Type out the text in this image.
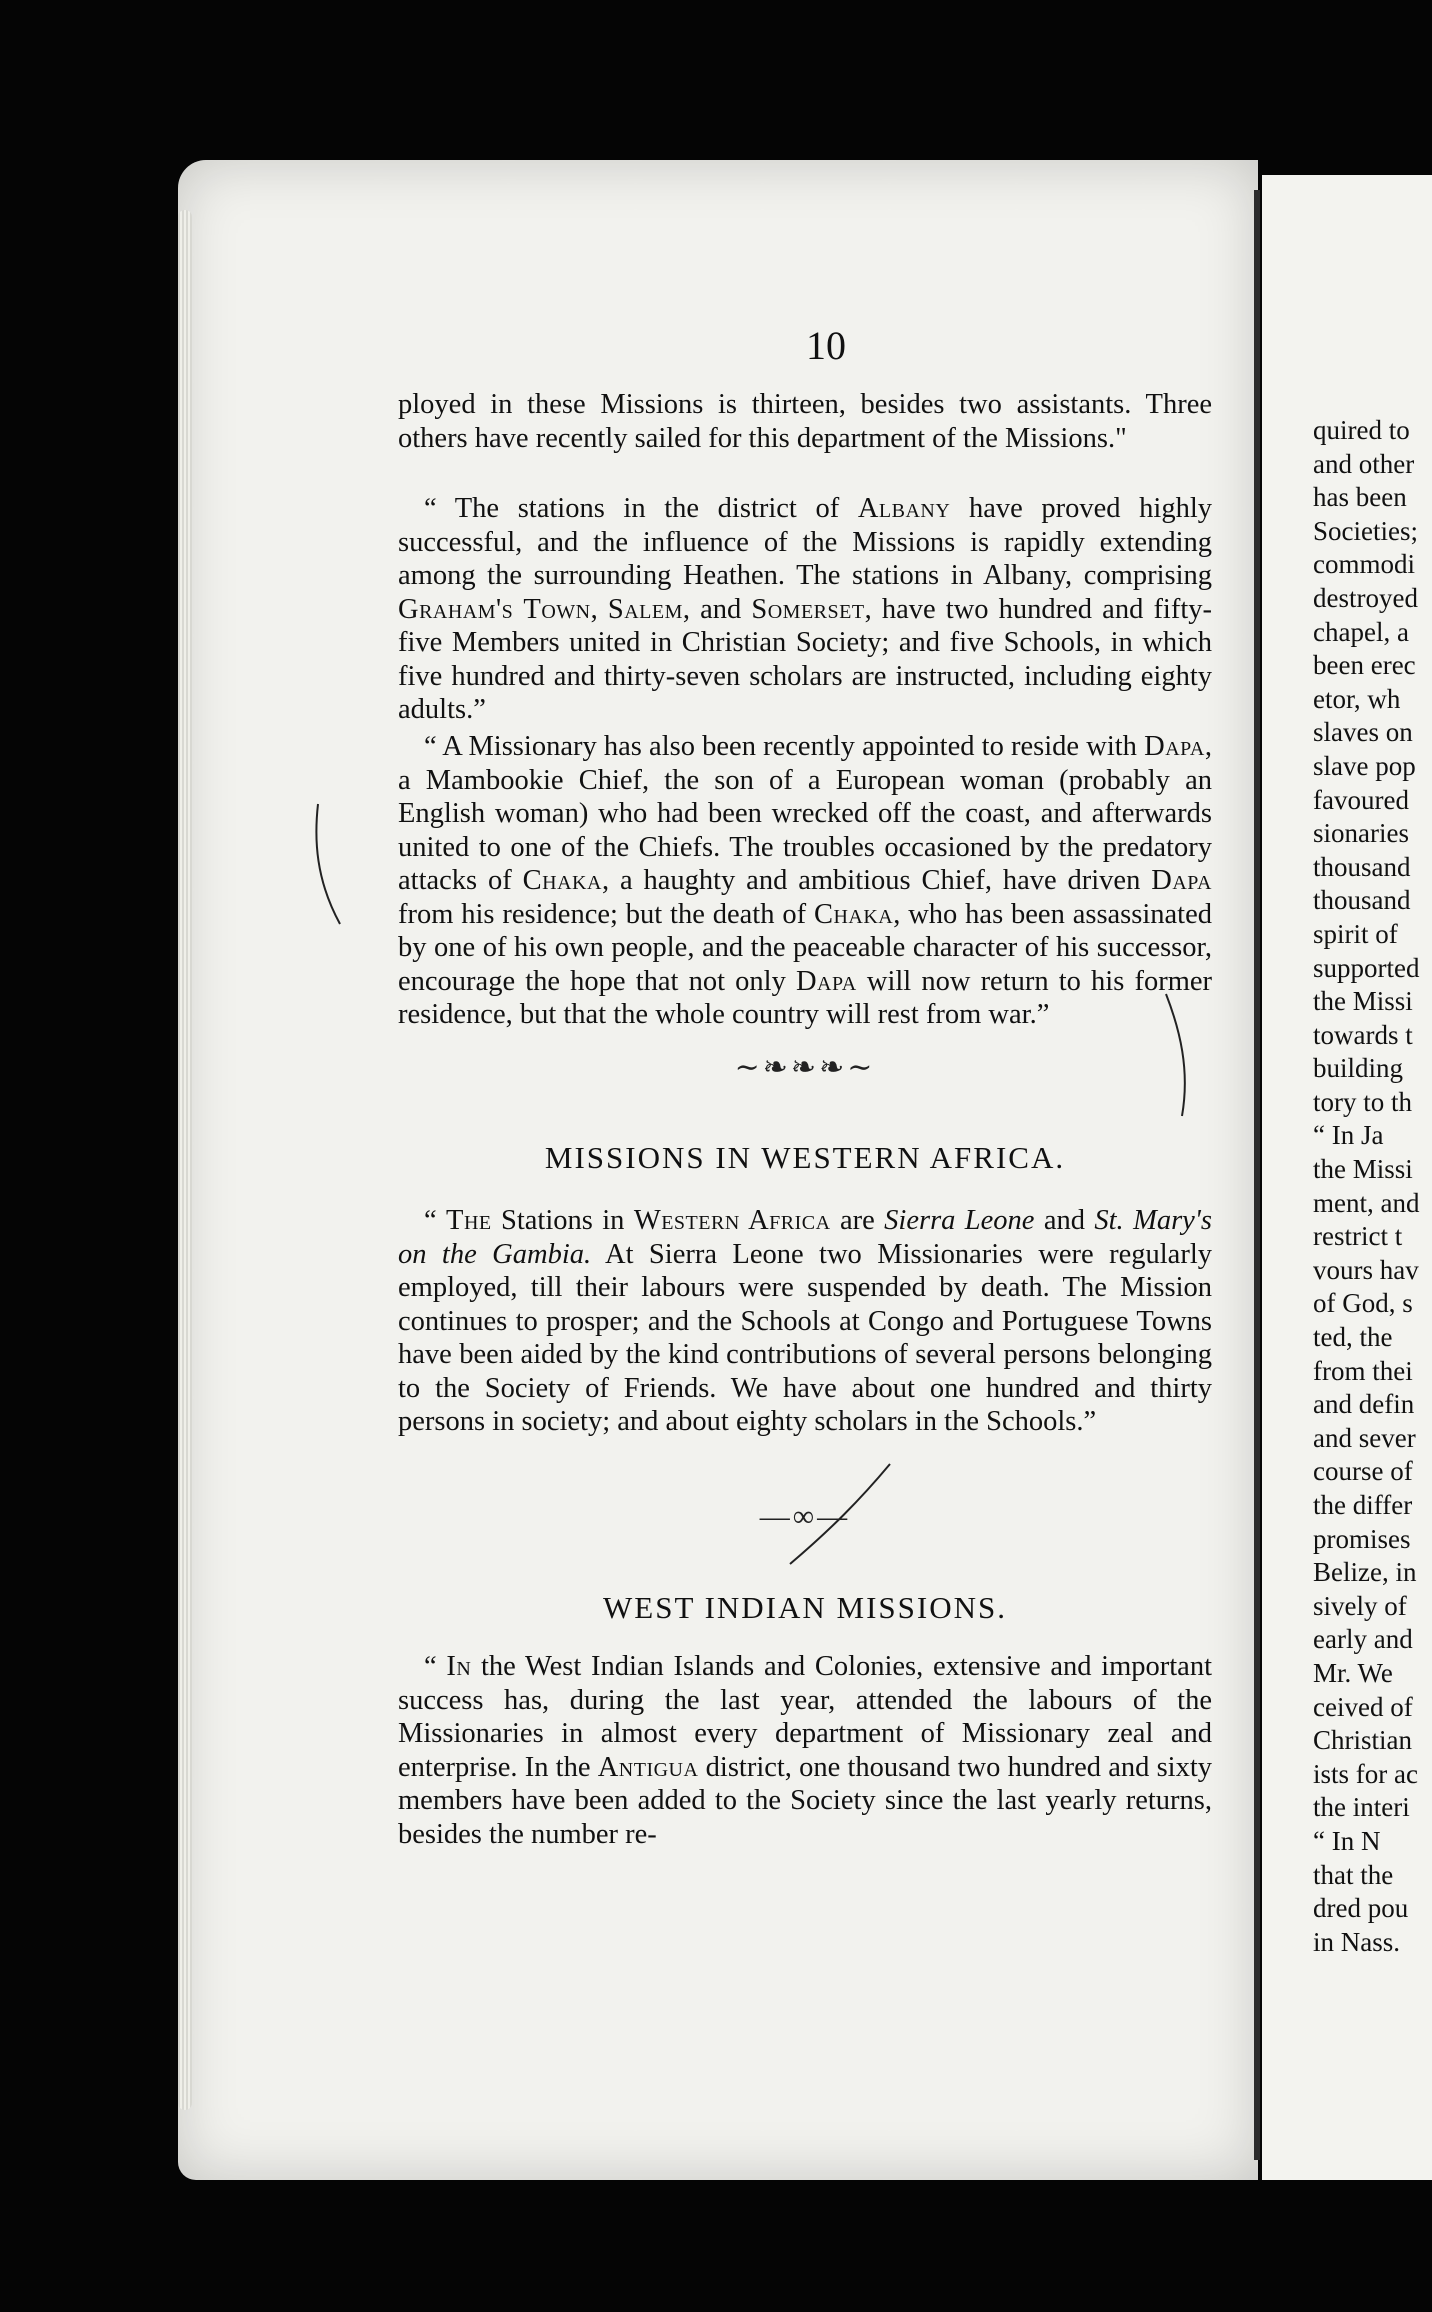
10

ployed in these Missions is thirteen, besides two assistants. Three others have recently sailed for this department of the Missions."

“ The stations in the district of Albany have proved highly successful, and the influence of the Missions is rapidly extending among the surrounding Heathen. The stations in Albany, comprising Graham's Town, Salem, and Somerset, have two hundred and fifty-five Members united in Christian Society; and five Schools, in which five hundred and thirty-seven scholars are instructed, including eighty adults.”

“ A Missionary has also been recently appointed to reside with Dapa, a Mambookie Chief, the son of a European woman (probably an English woman) who had been wrecked off the coast, and afterwards united to one of the Chiefs. The troubles occasioned by the predatory attacks of Chaka, a haughty and ambitious Chief, have driven Dapa from his residence; but the death of Chaka, who has been assassinated by one of his own people, and the peaceable character of his successor, encourage the hope that not only Dapa will now return to his former residence, but that the whole country will rest from war.”

∼❧❧❧∼
MISSIONS IN WESTERN AFRICA.

“ The Stations in Western Africa are Sierra Leone and St. Mary's on the Gambia. At Sierra Leone two Missionaries were regularly employed, till their labours were suspended by death. The Mission continues to prosper; and the Schools at Congo and Portuguese Towns have been aided by the kind contributions of several persons belonging to the Society of Friends. We have about one hundred and thirty persons in society; and about eighty scholars in the Schools.”

—∞—
WEST INDIAN MISSIONS.

“ In the West Indian Islands and Colonies, extensive and important success has, during the last year, attended the labours of the Missionaries in almost every department of Missionary zeal and enterprise. In the Antigua district, one thousand two hundred and sixty members have been added to the Society since the last yearly returns, besides the number re-

quired to
and other
has been
Societies;
commodi
destroyed
chapel, a
been erec
etor, wh
slaves on
slave pop
favoured
sionaries
thousand
thousand
spirit of
supported
the Missi
towards t
building
tory to th
“ In Ja
the Missi
ment, and
restrict t
vours hav
of God, s
ted, the
from thei
and defin
and sever
course of
the differ
promises
Belize, in
sively of
early and
Mr. We
ceived of
Christian
ists for ac
the interi
“ In N
that the
dred pou
in Nass.
